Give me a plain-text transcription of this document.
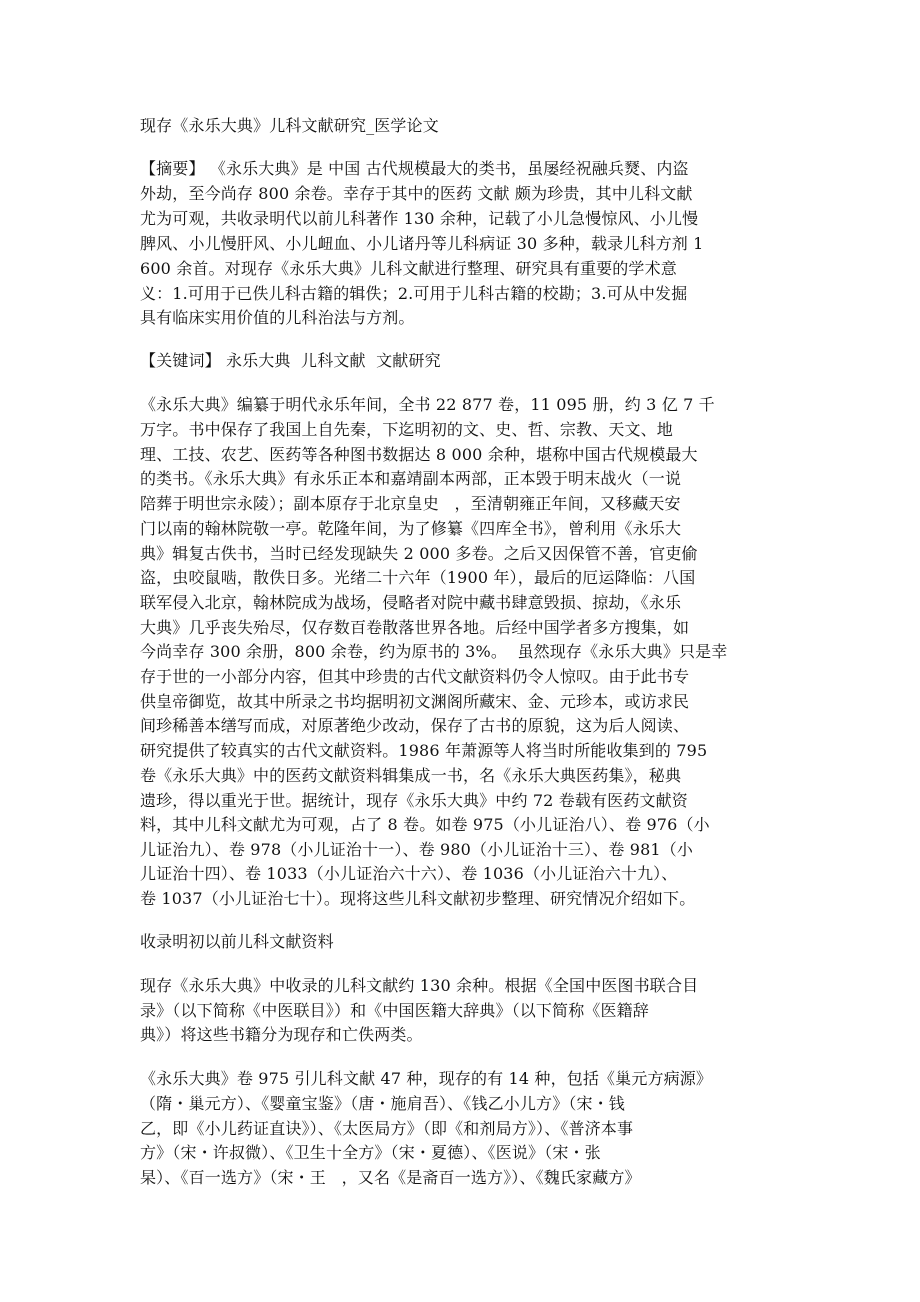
现存《永乐大典》儿科文献研究_医学论文

【摘要】 《永乐大典》是 中国 古代规模最大的类书，虽屡经祝融兵燹、内盗

外劫，至今尚存 800 余卷。幸存于其中的医药 文献 颇为珍贵，其中儿科文献

尤为可观，共收录明代以前儿科著作 130 余种，记载了小儿急慢惊风、小儿慢

脾风、小儿慢肝风、小儿衄血、小儿诸丹等儿科病证 30 多种，载录儿科方剂 1

600 余首。对现存《永乐大典》儿科文献进行整理、研究具有重要的学术意

义：1.可用于已佚儿科古籍的辑佚；2.可用于儿科古籍的校勘；3.可从中发掘

具有临床实用价值的儿科治法与方剂。

【关键词】 永乐大典  儿科文献  文献研究

《永乐大典》编纂于明代永乐年间，全书 22 877 卷，11 095 册，约 3 亿 7 千

万字。书中保存了我国上自先秦，下迄明初的文、史、哲、宗教、天文、地

理、工技、农艺、医药等各种图书数据达 8 000 余种，堪称中国古代规模最大

的类书。《永乐大典》有永乐正本和嘉靖副本两部，正本毁于明末战火（一说

陪葬于明世宗永陵）；副本原存于北京皇史   ，至清朝雍正年间，又移藏天安

门以南的翰林院敬一亭。乾隆年间，为了修纂《四库全书》，曾利用《永乐大

典》辑复古佚书，当时已经发现缺失 2 000 多卷。之后又因保管不善，官吏偷

盗，虫咬鼠啮，散佚日多。光绪二十六年（1900 年），最后的厄运降临：八国

联军侵入北京，翰林院成为战场，侵略者对院中藏书肆意毁损、掠劫，《永乐

大典》几乎丧失殆尽，仅存数百卷散落世界各地。后经中国学者多方搜集，如

今尚幸存 300 余册，800 余卷，约为原书的 3%。  虽然现存《永乐大典》只是幸

存于世的一小部分内容，但其中珍贵的古代文献资料仍令人惊叹。由于此书专

供皇帝御览，故其中所录之书均据明初文渊阁所藏宋、金、元珍本，或访求民

间珍稀善本缮写而成，对原著绝少改动，保存了古书的原貌，这为后人阅读、

研究提供了较真实的古代文献资料。1986 年萧源等人将当时所能收集到的 795

卷《永乐大典》中的医药文献资料辑集成一书，名《永乐大典医药集》，秘典

遗珍，得以重光于世。据统计，现存《永乐大典》中约 72 卷载有医药文献资

料，其中儿科文献尤为可观，占了 8 卷。如卷 975（小儿证治八）、卷 976（小

儿证治九）、卷 978（小儿证治十一）、卷 980（小儿证治十三）、卷 981（小

儿证治十四）、卷 1033（小儿证治六十六）、卷 1036（小儿证治六十九）、

卷 1037（小儿证治七十）。现将这些儿科文献初步整理、研究情况介绍如下。

收录明初以前儿科文献资料

现存《永乐大典》中收录的儿科文献约 130 余种。根据《全国中医图书联合目

录》（以下简称《中医联目》）和《中国医籍大辞典》（以下简称《医籍辞

典》）将这些书籍分为现存和亡佚两类。

《永乐大典》卷 975 引儿科文献 47 种，现存的有 14 种，包括《巢元方病源》

（隋・巢元方）、《婴童宝鉴》（唐・施肩吾）、《钱乙小儿方》（宋・钱

乙，即《小儿药证直诀》）、《太医局方》（即《和剂局方》）、《普济本事

方》（宋・许叔微）、《卫生十全方》（宋・夏德）、《医说》（宋・张

杲）、《百一选方》（宋・王   ，又名《是斋百一选方》）、《魏氏家藏方》
